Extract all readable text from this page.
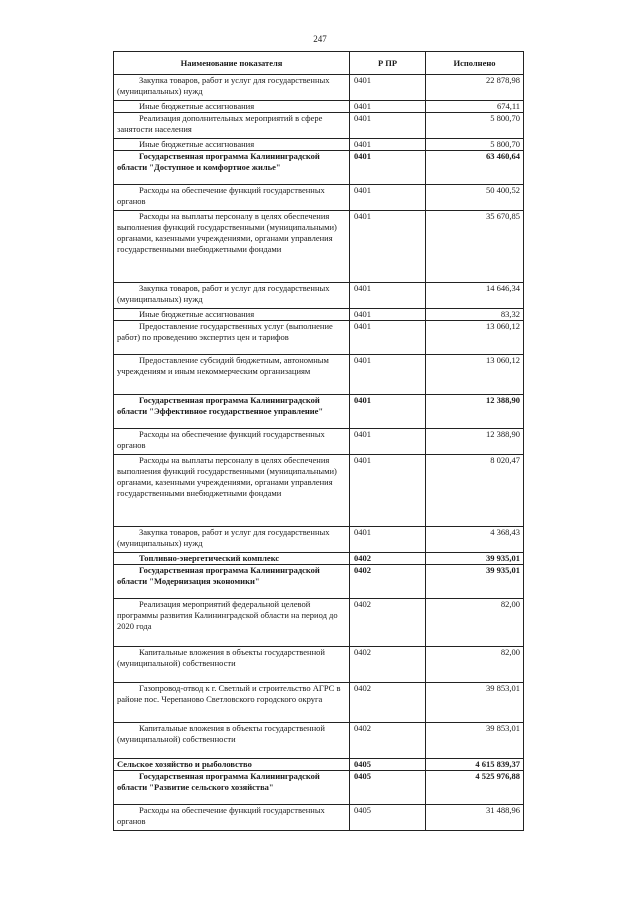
247
Наименование показателя	Р ПР	Исполнено
Закупка товаров, работ и услуг для государственных (муниципальных) нужд	0401	22 878,98
Иные бюджетные ассигнования	0401	674,11
Реализация дополнительных мероприятий в сфере занятости населения	0401	5 800,70
Иные бюджетные ассигнования	0401	5 800,70
Государственная программа Калининградской области "Доступное и комфортное жилье"	0401	63 460,64
Расходы на обеспечение функций государственных органов	0401	50 400,52
Расходы на выплаты персоналу в целях обеспечения выполнения функций государственными (муниципальными) органами, казенными учреждениями, органами управления государственными внебюджетными фондами	0401	35 670,85
Закупка товаров, работ и услуг для государственных (муниципальных) нужд	0401	14 646,34
Иные бюджетные ассигнования	0401	83,32
Предоставление государственных услуг (выполнение работ) по проведению экспертиз цен и тарифов	0401	13 060,12
Предоставление субсидий бюджетным, автономным учреждениям и иным некоммерческим организациям	0401	13 060,12
Государственная программа Калининградской области "Эффективное государственное управление"	0401	12 388,90
Расходы на обеспечение функций государственных органов	0401	12 388,90
Расходы на выплаты персоналу в целях обеспечения выполнения функций государственными (муниципальными) органами, казенными учреждениями, органами управления государственными внебюджетными фондами	0401	8 020,47
Закупка товаров, работ и услуг для государственных (муниципальных) нужд	0401	4 368,43
Топливно-энергетический комплекс	0402	39 935,01
Государственная программа Калининградской области "Модернизация экономики"	0402	39 935,01
Реализация мероприятий федеральной целевой программы развития Калининградской области на период до 2020 года	0402	82,00
Капитальные вложения в объекты государственной (муниципальной) собственности	0402	82,00
Газопровод-отвод к г. Светлый и строительство АГРС в районе пос. Черепаново Светловского городского округа	0402	39 853,01
Капитальные вложения в объекты государственной (муниципальной) собственности	0402	39 853,01
Сельское хозяйство и рыболовство	0405	4 615 839,37
Государственная программа Калининградской области "Развитие сельского хозяйства"	0405	4 525 976,88
Расходы на обеспечение функций государственных органов	0405	31 488,96
